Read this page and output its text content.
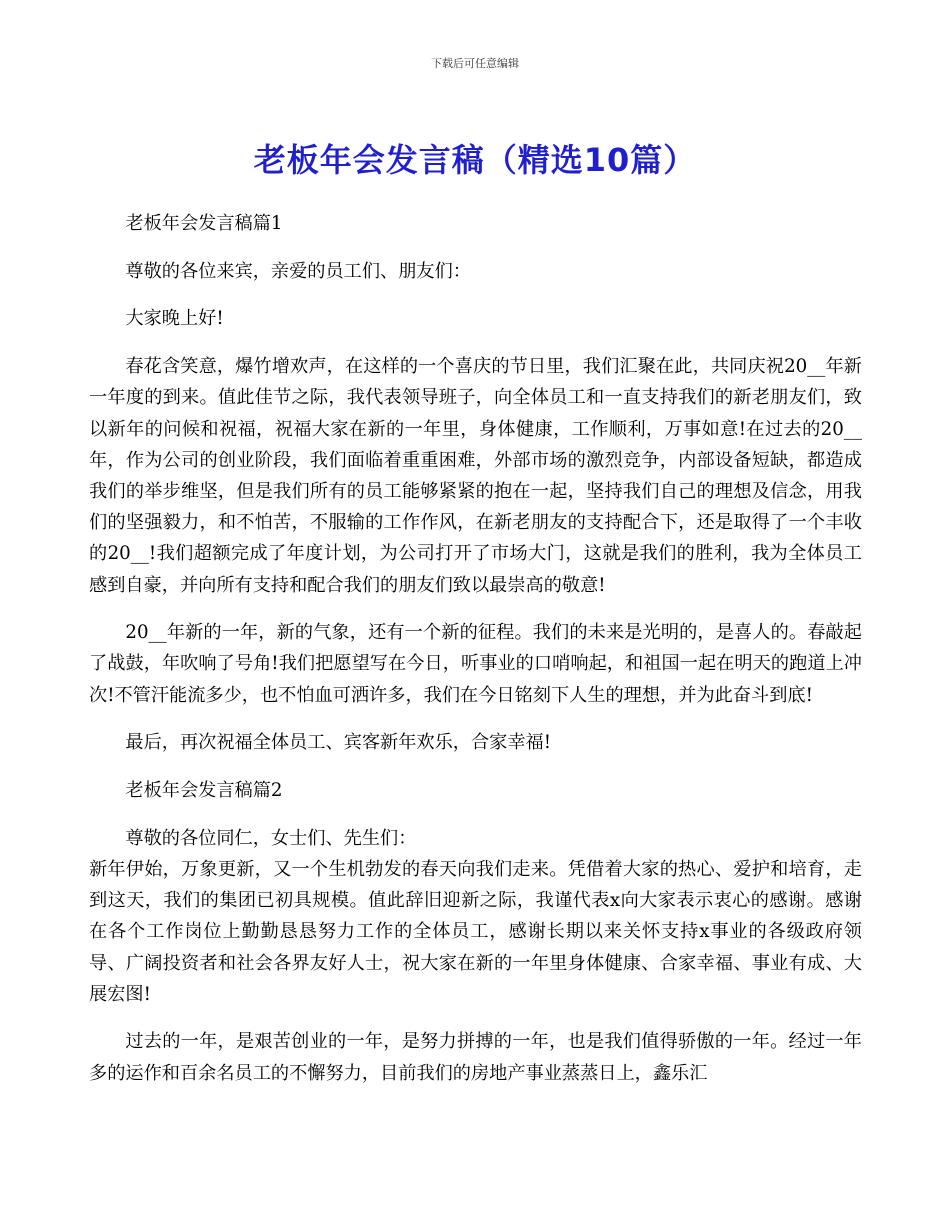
下载后可任意编辑
老板年会发言稿（精选10篇）

老板年会发言稿篇1

尊敬的各位来宾，亲爱的员工们、朋友们：

大家晚上好!

春花含笑意，爆竹增欢声，在这样的一个喜庆的节日里，我们汇聚在此，共同庆祝20__年新一年度的到来。值此佳节之际，我代表领导班子，向全体员工和一直支持我们的新老朋友们，致以新年的问候和祝福，祝福大家在新的一年里，身体健康，工作顺利，万事如意!在过去的20__年，作为公司的创业阶段，我们面临着重重困难，外部市场的激烈竞争，内部设备短缺，都造成我们的举步维坚，但是我们所有的员工能够紧紧的抱在一起，坚持我们自己的理想及信念，用我们的坚强毅力，和不怕苦，不服输的工作作风，在新老朋友的支持配合下，还是取得了一个丰收的20__!我们超额完成了年度计划，为公司打开了市场大门，这就是我们的胜利，我为全体员工感到自豪，并向所有支持和配合我们的朋友们致以最崇高的敬意!

20__年新的一年，新的气象，还有一个新的征程。我们的未来是光明的，是喜人的。春敲起了战鼓，年吹响了号角!我们把愿望写在今日，听事业的口哨响起，和祖国一起在明天的跑道上冲次!不管汗能流多少，也不怕血可洒许多，我们在今日铭刻下人生的理想，并为此奋斗到底!

最后，再次祝福全体员工、宾客新年欢乐，合家幸福!

老板年会发言稿篇2

尊敬的各位同仁，女士们、先生们：

新年伊始，万象更新，又一个生机勃发的春天向我们走来。凭借着大家的热心、爱护和培育，走到这天，我们的集团已初具规模。值此辞旧迎新之际，我谨代表x向大家表示衷心的感谢。感谢在各个工作岗位上勤勤恳恳努力工作的全体员工，感谢长期以来关怀支持x事业的各级政府领导、广阔投资者和社会各界友好人士，祝大家在新的一年里身体健康、合家幸福、事业有成、大展宏图!

过去的一年，是艰苦创业的一年，是努力拼搏的一年，也是我们值得骄傲的一年。经过一年多的运作和百余名员工的不懈努力，目前我们的房地产事业蒸蒸日上，鑫乐汇
